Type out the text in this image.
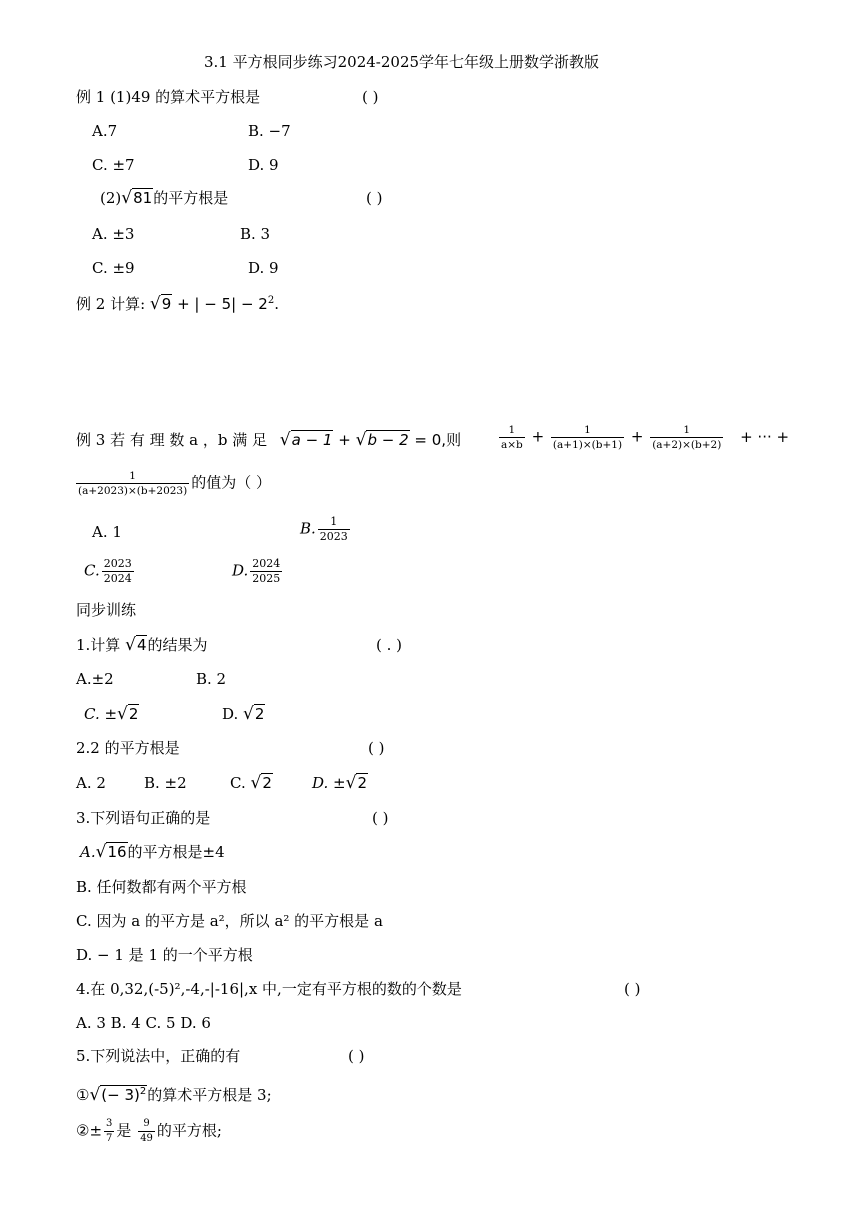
3.1 平方根同步练习2024-2025学年七年级上册数学浙教版
例 1 (1)49 的算术平方根是	( )
A.7	B. −7
C. ±7	D. 9
(2)√81的平方根是	( )
A. ±3	B. 3
C. ±9	D. 9
例 2 计算: √9 + | − $5| - 2^2$.
例 3 若 有 理 数 a ，b 满 足 √a − 1 + √b − 2 = 0,则	$\frac{1}{a\times b} + \frac{1}{(a+1)\times(b+1)} + \frac{1}{(a+2)\times(b+2)}$ + ··· +
$\frac{1}{(a+2023)\times(b+2023)}$ 的值为（ ）
A. 1	B. $\frac{1}{2023}$
C. $\frac{2023}{2024}$	D. $\frac{2024}{2025}$
同步训练
1.计算 √4的结果为	( . )
A.±2	B. 2
C. ±√2	D. √2
2.2 的平方根是	( )
A. 2	B. ±2	C. √2	D. ±√2
3.下列语句正确的是	( )
A.√16的平方根是±4
B. 任何数都有两个平方根
C. 因为 a 的平方是 a²，所以 a² 的平方根是 a
D. − 1 是 1 的一个平方根
4.在 0,32,(-5)²,-4,-|-16|,x 中,一定有平方根的数的个数是	( )
A. 3 B. 4 C. 5 D. 6
5.下列说法中，正确的有	( )
①√(− 3)$^2$的算术平方根是 3;
②± $\frac{3}{7}$ 是 $\frac{9}{49}$ 的平方根;
